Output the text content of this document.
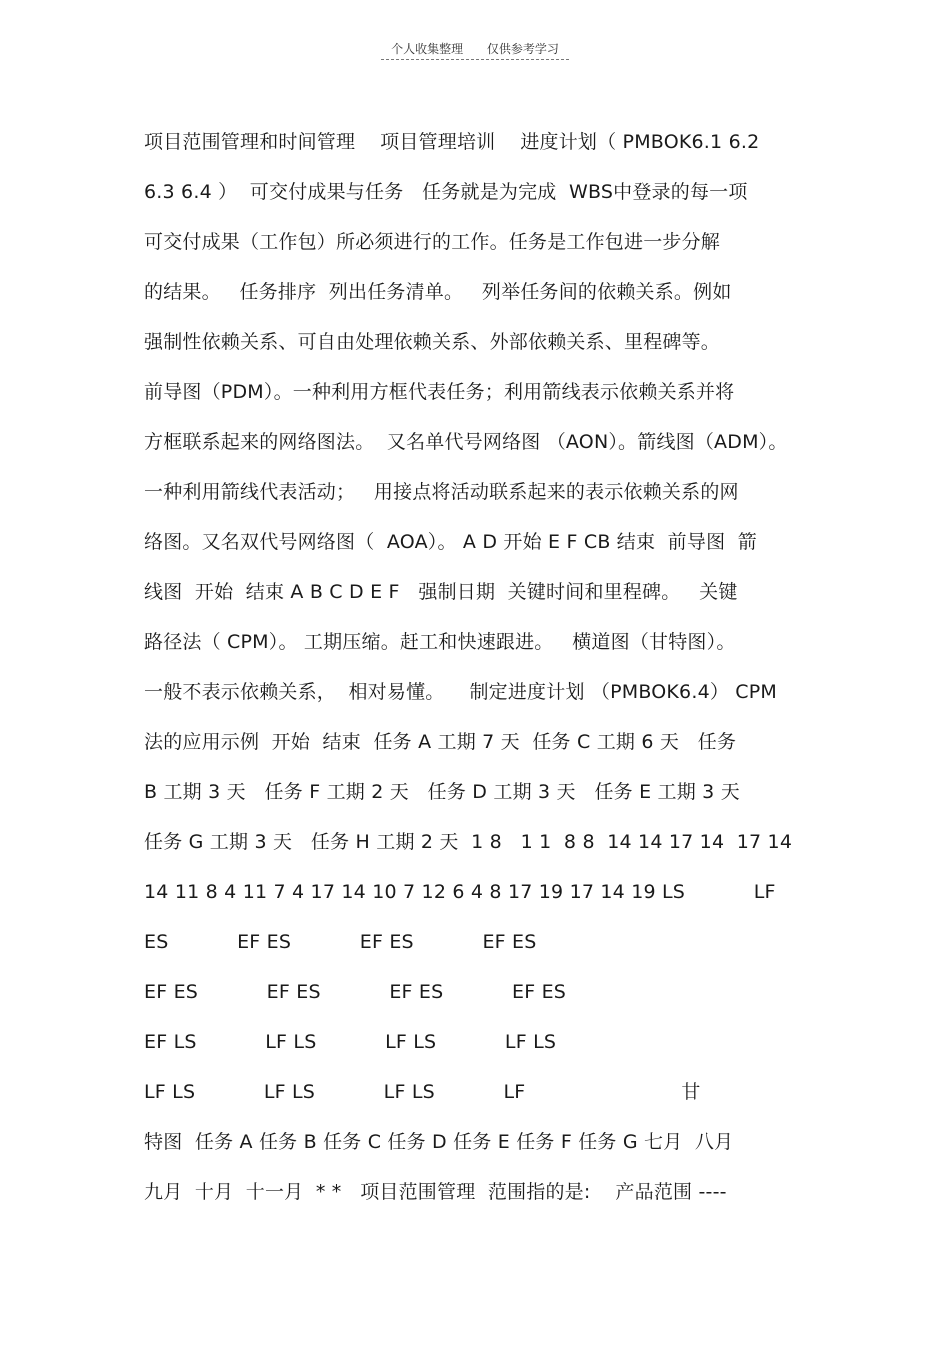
个人收集整理 仅供参考学习
项目范围管理和时间管理    项目管理培训    进度计划（ PMBOK6.1 6.2
6.3 6.4 ）  可交付成果与任务   任务就是为完成  WBS中登录的每一项
可交付成果（工作包）所必须进行的工作。任务是工作包进一步分解
的结果。   任务排序  列出任务清单。   列举任务间的依赖关系。例如
强制性依赖关系、可自由处理依赖关系、外部依赖关系、里程碑等。
前导图（PDM）。一种利用方框代表任务；利用箭线表示依赖关系并将
方框联系起来的网络图法。  又名单代号网络图 （AON）。箭线图（ADM）。
一种利用箭线代表活动；   用接点将活动联系起来的表示依赖关系的网
络图。又名双代号网络图（  AOA）。 A D 开始 E F CB 结束  前导图  箭
线图  开始  结束 A B C D E F   强制日期  关键时间和里程碑。   关键
路径法（ CPM）。 工期压缩。赶工和快速跟进。   横道图（甘特图）。
一般不表示依赖关系，  相对易懂。    制定进度计划 （PMBOK6.4） CPM
法的应用示例  开始  结束  任务 A 工期 7 天  任务 C 工期 6 天   任务
B 工期 3 天   任务 F 工期 2 天   任务 D 工期 3 天   任务 E 工期 3 天
任务 G 工期 3 天   任务 H 工期 2 天  1 8   1 1  8 8  14 14 17 14  17 14
14 11 8 4 11 7 4 17 14 10 7 12 6 4 8 17 19 17 14 19 LS           LF
ES           EF ES           EF ES           EF ES
EF ES           EF ES           EF ES           EF ES
EF LS           LF LS           LF LS           LF LS
LF LS           LF LS           LF LS           LF                         甘
特图  任务 A 任务 B 任务 C 任务 D 任务 E 任务 F 任务 G 七月  八月
九月  十月  十一月  * *   项目范围管理  范围指的是:    产品范围 ----
